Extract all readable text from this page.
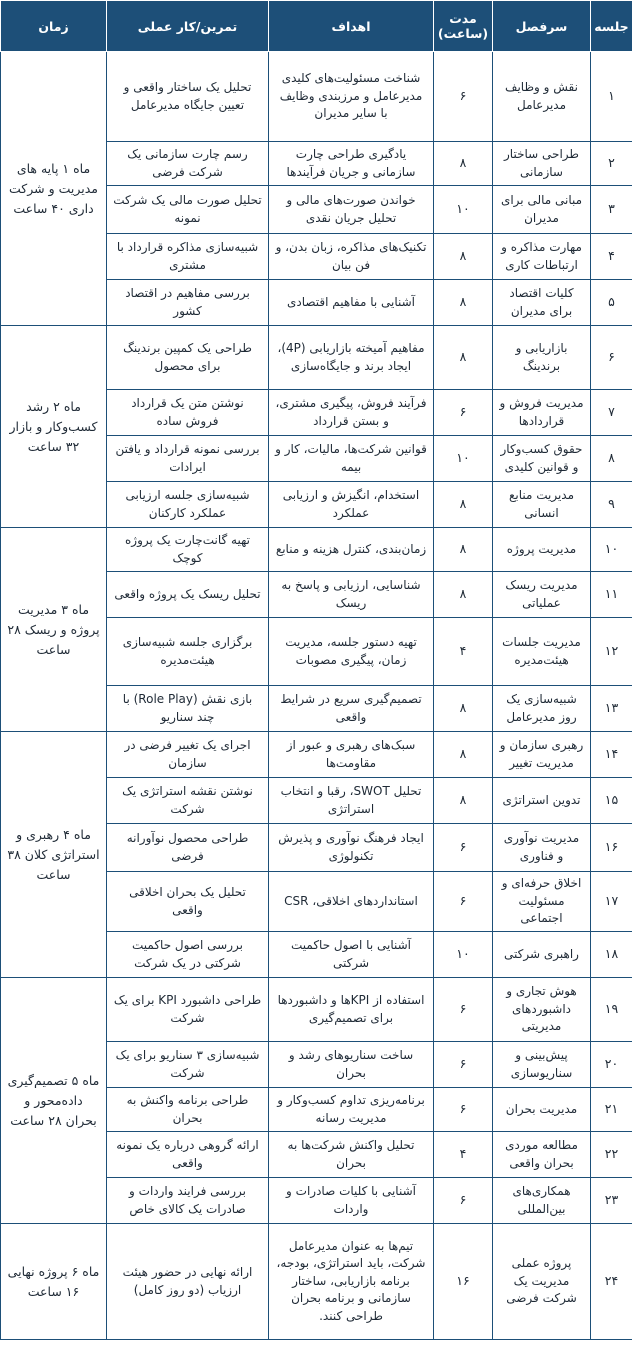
جلسه	سرفصل	مدت (ساعت)	اهداف	تمرین/کار عملی	زمان
۱	نقش و وظایف مدیرعامل	۶	شناخت مسئولیت‌های کلیدی مدیرعامل و مرزبندی وظایف با سایر مدیران	تحلیل یک ساختار واقعی و تعیین جایگاه مدیرعامل	ماه ۱ پایه های مدیریت و شرکت داری ۴۰ ساعت
۲	طراحی ساختار سازمانی	۸	یادگیری طراحی چارت سازمانی و جریان فرآیندها	رسم چارت سازمانی یک شرکت فرضی	
۳	مبانی مالی برای مدیران	۱۰	خواندن صورت‌های مالی و تحلیل جریان نقدی	تحلیل صورت مالی یک شرکت نمونه	
۴	مهارت مذاکره و ارتباطات کاری	۸	تکنیک‌های مذاکره، زبان بدن، و فن بیان	شبیه‌سازی مذاکره قرارداد با مشتری	
۵	کلیات اقتصاد برای مدیران	۸	آشنایی با مفاهیم اقتصادی	بررسی مفاهیم در اقتصاد کشور	
۶	بازاریابی و برندینگ	۸	مفاهیم آمیخته بازاریابی (4P)، ایجاد برند و جایگاه‌سازی	طراحی یک کمپین برندینگ برای محصول	ماه ۲ رشد کسب‌وکار و بازار ۳۲ ساعت
۷	مدیریت فروش و قراردادها	۶	فرآیند فروش، پیگیری مشتری، و بستن قرارداد	نوشتن متن یک قرارداد فروش ساده	
۸	حقوق کسب‌وکار و قوانین کلیدی	۱۰	قوانین شرکت‌ها، مالیات، کار و بیمه	بررسی نمونه قرارداد و یافتن ایرادات	
۹	مدیریت منابع انسانی	۸	استخدام، انگیزش و ارزیابی عملکرد	شبیه‌سازی جلسه ارزیابی عملکرد کارکنان	
۱۰	مدیریت پروژه	۸	زمان‌بندی، کنترل هزینه و منابع	تهیه گانت‌چارت یک پروژه کوچک	ماه ۳ مدیریت پروژه و ریسک ۲۸ ساعت
۱۱	مدیریت ریسک عملیاتی	۸	شناسایی، ارزیابی و پاسخ به ریسک	تحلیل ریسک یک پروژه واقعی	
۱۲	مدیریت جلسات هیئت‌مدیره	۴	تهیه دستور جلسه، مدیریت زمان، پیگیری مصوبات	برگزاری جلسه شبیه‌سازی هیئت‌مدیره	
۱۳	شبیه‌سازی یک روز مدیرعامل	۸	تصمیم‌گیری سریع در شرایط واقعی	بازی نقش (Role Play) با چند سناریو	
۱۴	رهبری سازمان و مدیریت تغییر	۸	سبک‌های رهبری و عبور از مقاومت‌ها	اجرای یک تغییر فرضی در سازمان	ماه ۴ رهبری و استراتژی کلان ۳۸ ساعت
۱۵	تدوین استراتژی	۸	تحلیل SWOT، رقبا و انتخاب استراتژی	نوشتن نقشه استراتژی یک شرکت	
۱۶	مدیریت نوآوری و فناوری	۶	ایجاد فرهنگ نوآوری و پذیرش تکنولوژی	طراحی محصول نوآورانه فرضی	
۱۷	اخلاق حرفه‌ای و مسئولیت اجتماعی	۶	استانداردهای اخلاقی، CSR	تحلیل یک بحران اخلاقی واقعی	
۱۸	راهبری شرکتی	۱۰	آشنایی با اصول حاکمیت شرکتی	بررسی اصول حاکمیت شرکتی در یک شرکت	
۱۹	هوش تجاری و داشبوردهای مدیریتی	۶	استفاده از KPIها و داشبوردها برای تصمیم‌گیری	طراحی داشبورد KPI برای یک شرکت	ماه ۵ تصمیم‌گیری داده‌محور و بحران ۲۸ ساعت
۲۰	پیش‌بینی و سناریوسازی	۶	ساخت سناریوهای رشد و بحران	شبیه‌سازی ۳ سناریو برای یک شرکت	
۲۱	مدیریت بحران	۶	برنامه‌ریزی تداوم کسب‌وکار و مدیریت رسانه	طراحی برنامه واکنش به بحران	
۲۲	مطالعه موردی بحران واقعی	۴	تحلیل واکنش شرکت‌ها به بحران	ارائه گروهی درباره یک نمونه واقعی	
۲۳	همکاری‌های بین‌المللی	۶	آشنایی با کلیات صادرات و واردات	بررسی فرایند واردات و صادرات یک کالای خاص	
۲۴	پروژه عملی مدیریت یک شرکت فرضی	۱۶	تیم‌ها به عنوان مدیرعامل شرکت، باید استراتژی، بودجه، برنامه بازاریابی، ساختار سازمانی و برنامه بحران طراحی کنند.	ارائه نهایی در حضور هیئت ارزیاب (دو روز کامل)	ماه ۶ پروژه نهایی ۱۶ ساعت
